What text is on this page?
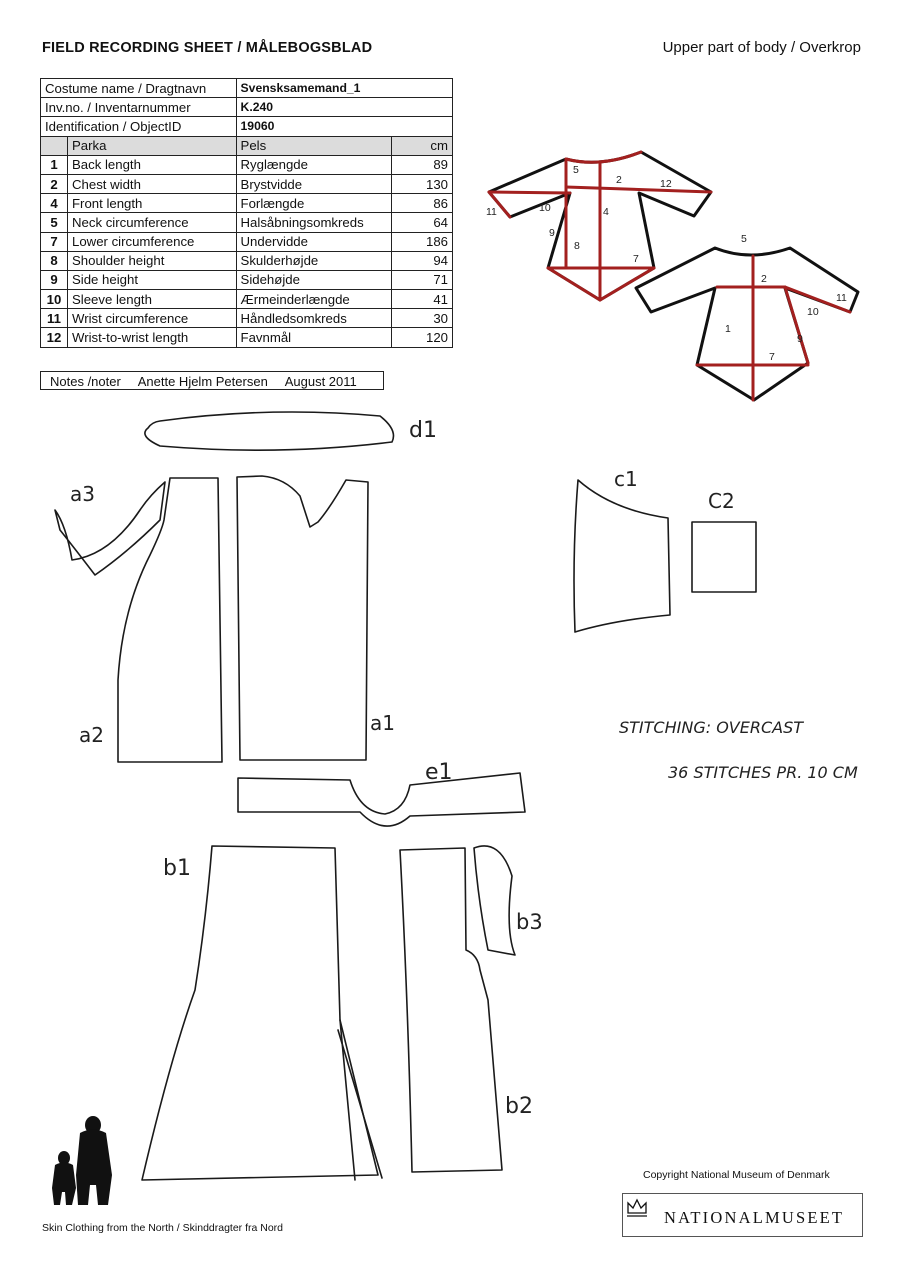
FIELD RECORDING SHEET / MÅLEBOGSBLAD	Upper part of body / Overkrop
Costume name / Dragtnavn		Svensksamemand_1	
Inv.no. / Inventarnummer		K.240	
Identification / ObjectID		19060	
	Parka	Pels	cm
1	Back length	Ryglængde	89
2	Chest width	Brystvidde	130
4	Front length	Forlængde	86
5	Neck circumference	Halsåbningsomkreds	64
7	Lower circumference	Undervidde	186
8	Shoulder height	Skulderhøjde	94
9	Side height	Sidehøjde	71
10	Sleeve length	Ærmeinderlængde	41
11	Wrist circumference	Håndledsomkreds	30
12	Wrist-to-wrist length	Favnmål	120
Notes /noter Anette Hjelm Petersen August 2011
5
2	12
11	10	4
9
8
7
5
2
11
10
1
9
7
d1
a3
a2	a1
c1
C2
e1
b1
b3
b2
STITCHING: OVERCAST
36 STITCHES PR. 10 CM
Copyright National Museum of Denmark
Skin Clothing from the North / Skinddragter fra Nord
NATIONALMUSEET
